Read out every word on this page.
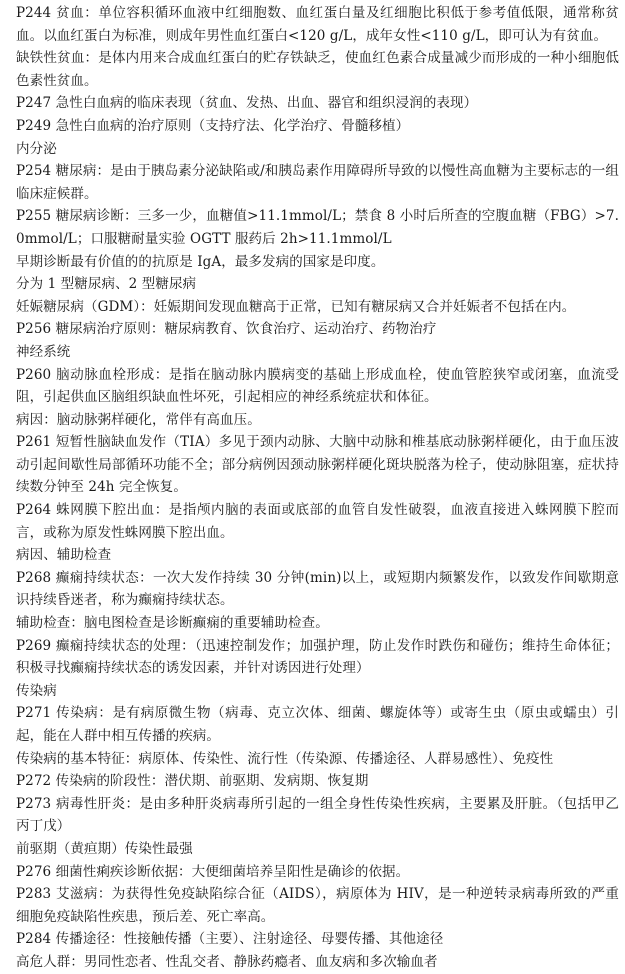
P244 贫血：单位容积循环血液中红细胞数、血红蛋白量及红细胞比积低于参考值低限，通常称贫血。以血红蛋白为标准，则成年男性血红蛋白<120 g/L，成年女性<110 g/L，即可认为有贫血。

缺铁性贫血：是体内用来合成血红蛋白的贮存铁缺乏，使血红色素合成量减少而形成的一种小细胞低色素性贫血。

P247 急性白血病的临床表现（贫血、发热、出血、器官和组织浸润的表现）

P249 急性白血病的治疗原则（支持疗法、化学治疗、骨髓移植）

内分泌

P254 糖尿病：是由于胰岛素分泌缺陷或/和胰岛素作用障碍所导致的以慢性高血糖为主要标志的一组临床症候群。

P255 糖尿病诊断：三多一少，血糖值>11.1mmol/L；禁食 8 小时后所查的空腹血糖（FBG）>7.0mmol/L；口服糖耐量实验 OGTT 服药后 2h>11.1mmol/L

早期诊断最有价值的的抗原是 IgA，最多发病的国家是印度。

分为 1 型糖尿病、2 型糖尿病

妊娠糖尿病（GDM）：妊娠期间发现血糖高于正常，已知有糖尿病又合并妊娠者不包括在内。

P256 糖尿病治疗原则：糖尿病教育、饮食治疗、运动治疗、药物治疗

神经系统

P260 脑动脉血栓形成：是指在脑动脉内膜病变的基础上形成血栓，使血管腔狭窄或闭塞，血流受阻，引起供血区脑组织缺血性坏死，引起相应的神经系统症状和体征。

病因：脑动脉粥样硬化，常伴有高血压。

P261 短暂性脑缺血发作（TIA）多见于颈内动脉、大脑中动脉和椎基底动脉粥样硬化，由于血压波动引起间歇性局部循环功能不全；部分病例因颈动脉粥样硬化斑块脱落为栓子，使动脉阻塞，症状持续数分钟至 24h 完全恢复。

P264 蛛网膜下腔出血：是指颅内脑的表面或底部的血管自发性破裂，血液直接进入蛛网膜下腔而言，或称为原发性蛛网膜下腔出血。

病因、辅助检查

P268 癫痫持续状态：一次大发作持续 30 分钟(min)以上，或短期内频繁发作，以致发作间歇期意识持续昏迷者，称为癫痫持续状态。

辅助检查：脑电图检查是诊断癫痫的重要辅助检查。

P269 癫痫持续状态的处理：（迅速控制发作；加强护理，防止发作时跌伤和碰伤；维持生命体征；积极寻找癫痫持续状态的诱发因素，并针对诱因进行处理）

传染病

P271 传染病：是有病原微生物（病毒、克立次体、细菌、螺旋体等）或寄生虫（原虫或蠕虫）引起，能在人群中相互传播的疾病。

传染病的基本特征：病原体、传染性、流行性（传染源、传播途径、人群易感性）、免疫性

P272 传染病的阶段性：潜伏期、前驱期、发病期、恢复期

P273 病毒性肝炎：是由多种肝炎病毒所引起的一组全身性传染性疾病，主要累及肝脏。（包括甲乙丙丁戊）

前驱期（黄疸期）传染性最强

P276 细菌性痢疾诊断依据：大便细菌培养呈阳性是确诊的依据。

P283 艾滋病：为获得性免疫缺陷综合征（AIDS），病原体为 HIV，是一种逆转录病毒所致的严重细胞免疫缺陷性疾患，预后差、死亡率高。

P284 传播途径：性接触传播（主要）、注射途径、母婴传播、其他途径

高危人群：男同性恋者、性乱交者、静脉药瘾者、血友病和多次输血者
